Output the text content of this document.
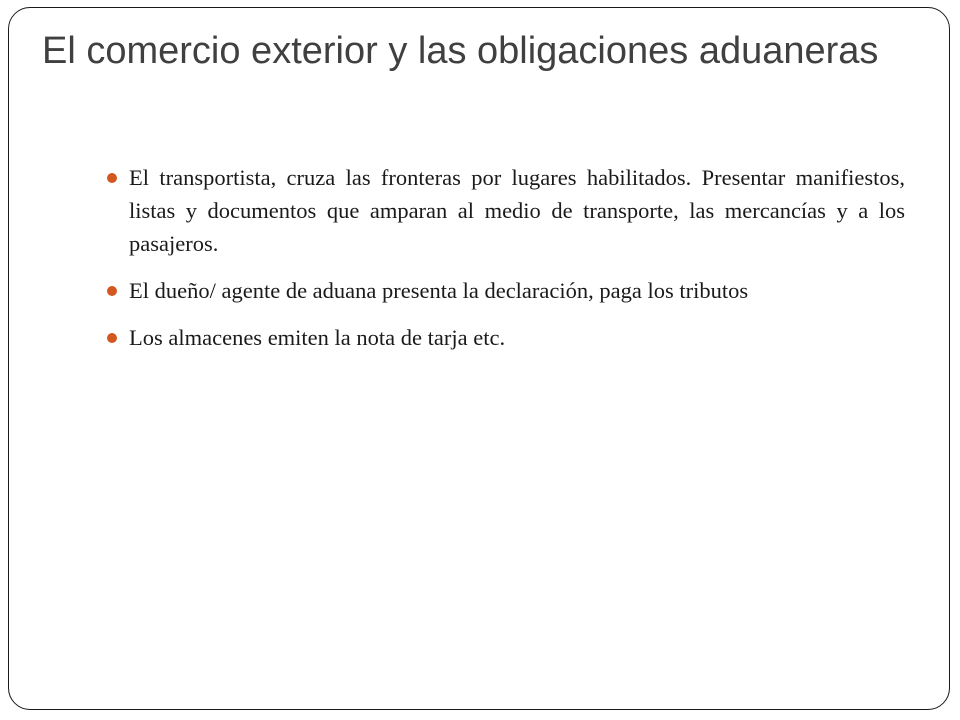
El comercio exterior y las obligaciones aduaneras
El transportista, cruza las fronteras por lugares habilitados. Presentar manifiestos, listas y documentos que amparan al medio de transporte, las mercancías y a los pasajeros.
El dueño/ agente de aduana presenta la declaración, paga los tributos
Los almacenes emiten la nota de tarja etc.
